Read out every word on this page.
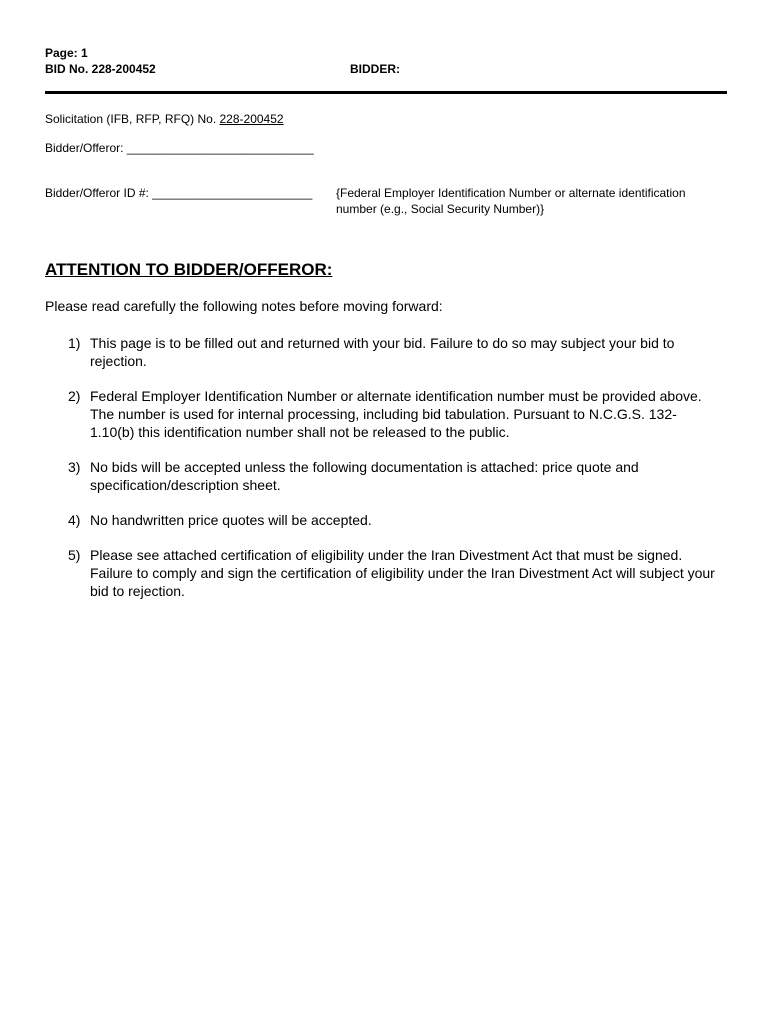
Page: 1
BID No. 228-200452	BIDDER:
Solicitation (IFB, RFP, RFQ) No. 228-200452
Bidder/Offeror: ____________________________
Bidder/Offeror ID #: ________________________ {Federal Employer Identification Number or alternate identification number (e.g., Social Security Number)}
ATTENTION TO BIDDER/OFFEROR:
Please read carefully the following notes before moving forward:
1) This page is to be filled out and returned with your bid. Failure to do so may subject your bid to rejection.
2) Federal Employer Identification Number or alternate identification number must be provided above. The number is used for internal processing, including bid tabulation. Pursuant to N.C.G.S. 132-1.10(b) this identification number shall not be released to the public.
3) No bids will be accepted unless the following documentation is attached: price quote and specification/description sheet.
4) No handwritten price quotes will be accepted.
5) Please see attached certification of eligibility under the Iran Divestment Act that must be signed. Failure to comply and sign the certification of eligibility under the Iran Divestment Act will subject your bid to rejection.
